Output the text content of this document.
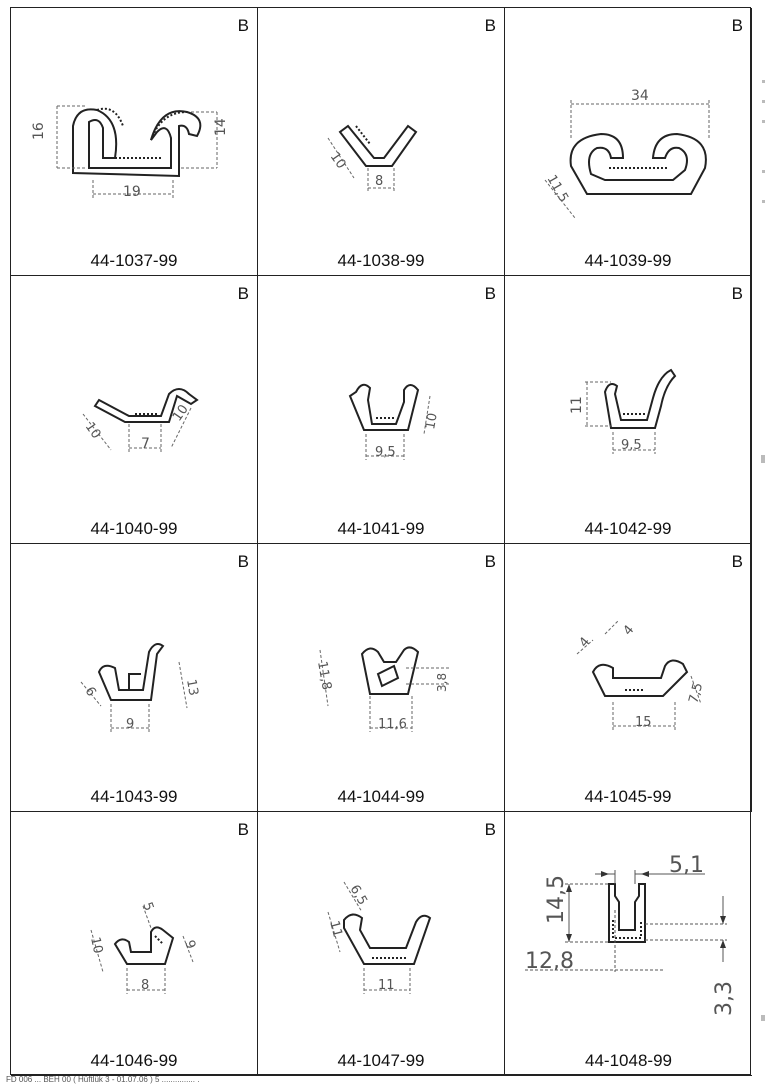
B
16	14
19
44-1037-99
B
10
8
44-1038-99
B
34
11,5
44-1039-99
B
10
7
10
44-1040-99
B
9,5
10
44-1041-99
B
11
9,5
44-1042-99
B
6	13
9
44-1043-99
B
11,8	3,8
11,6
44-1044-99
B
4
4
7,5
15
44-1045-99
B
10
5
9
8
44-1046-99
B
6,5
11
11
44-1047-99
5,1
14,5
12,8
3,3
44-1048-99
FD 006 ... BEH 00 ( Hüftlük 3 - 01.07.06 ) 5 ............... .
